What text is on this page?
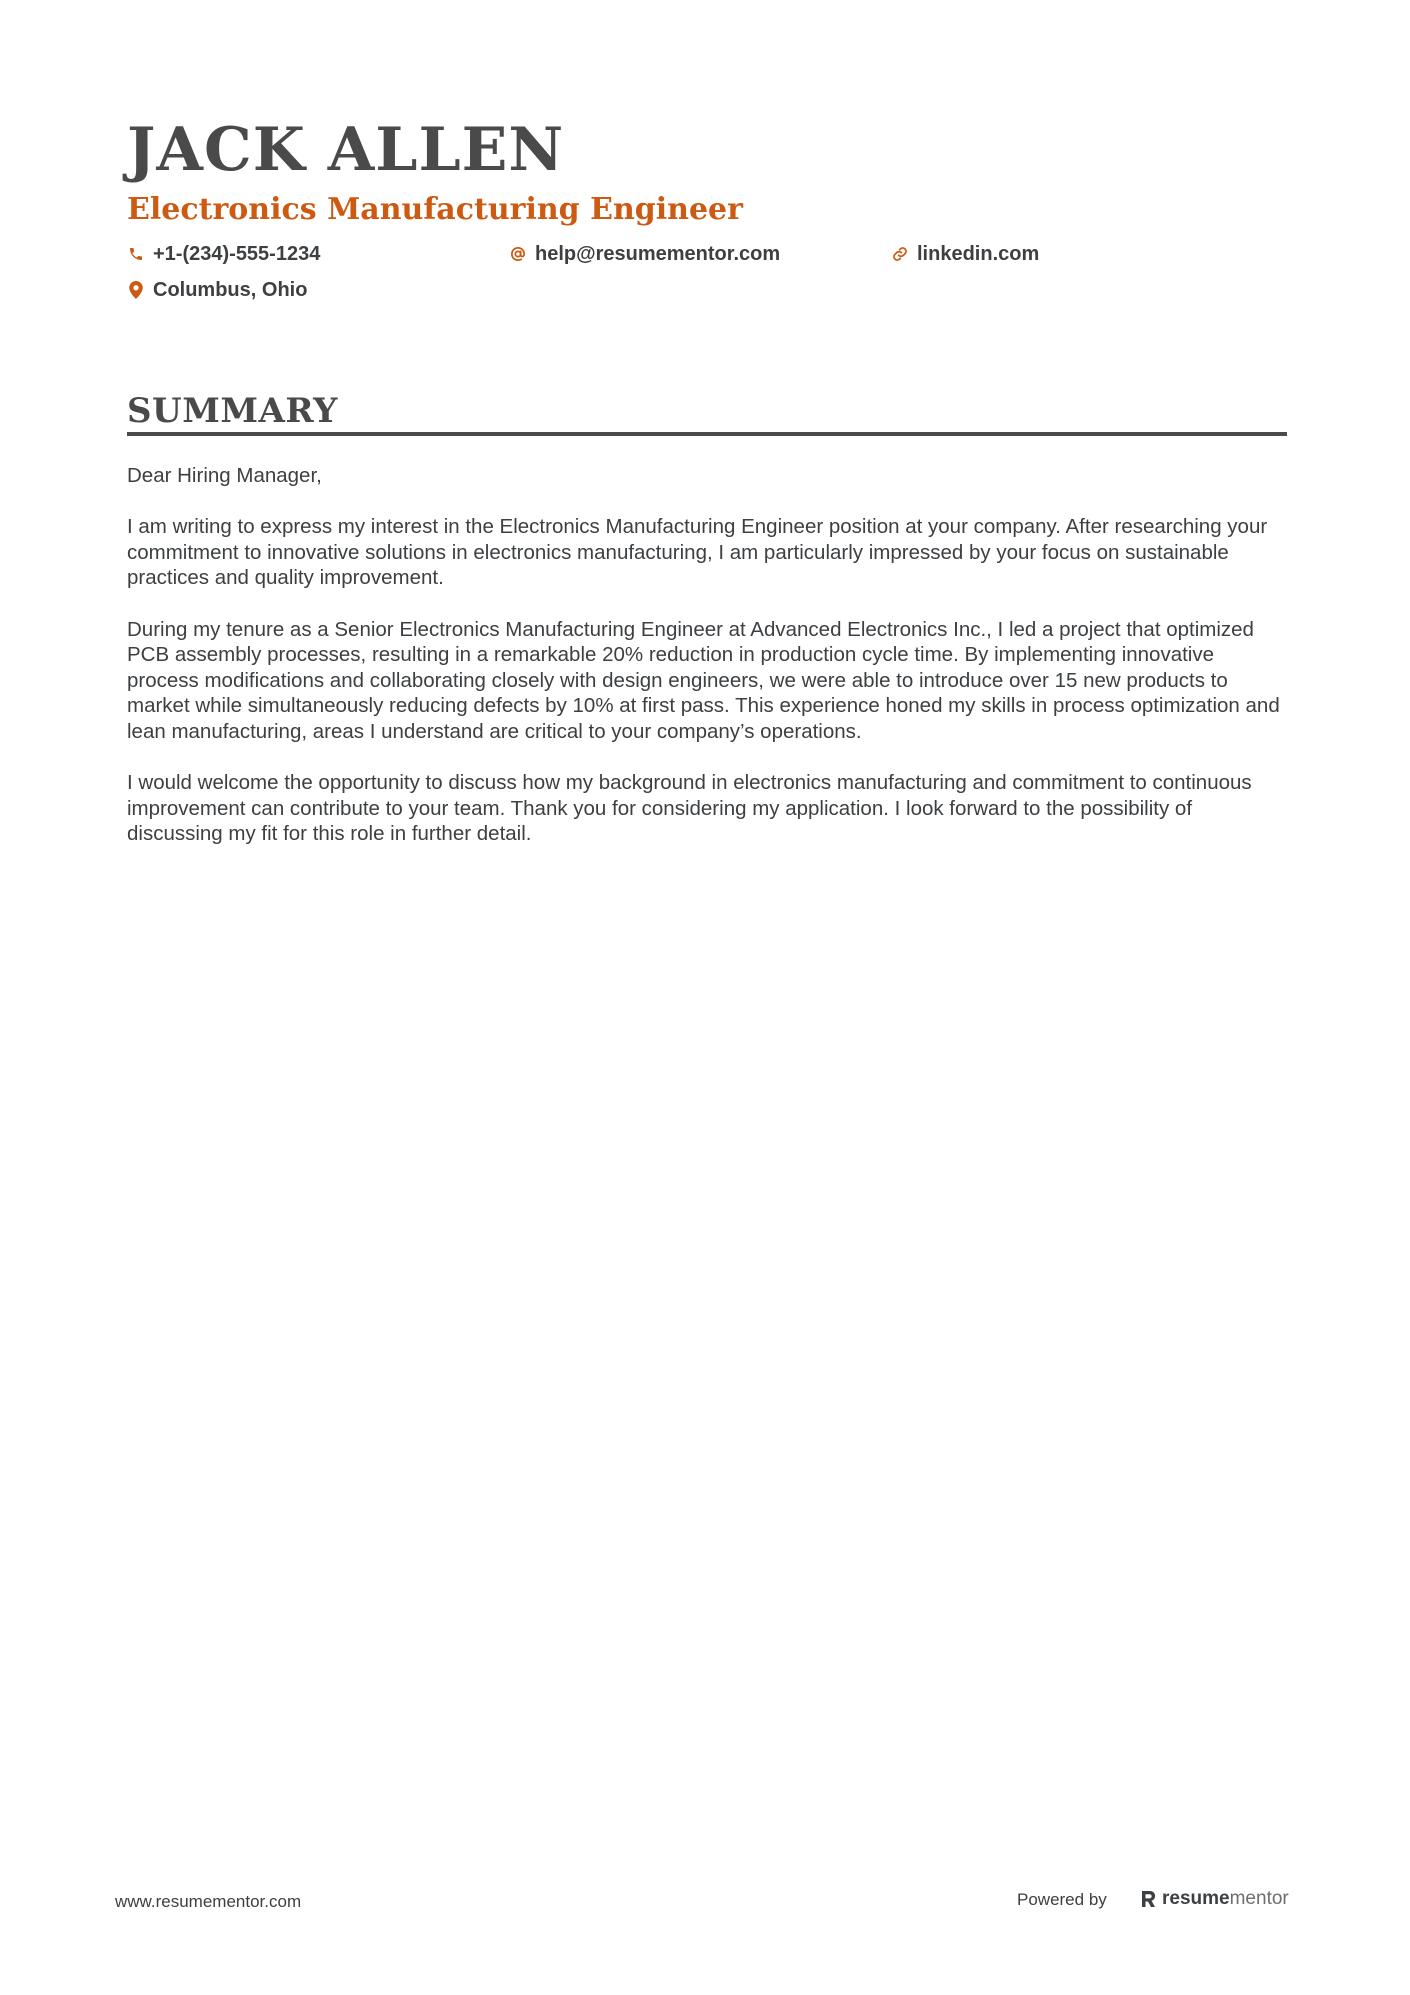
JACK ALLEN
Electronics Manufacturing Engineer
+1-(234)-555-1234	help@resumementor.com	linkedin.com
Columbus, Ohio
SUMMARY

Dear Hiring Manager,

I am writing to express my interest in the Electronics Manufacturing Engineer position at your company. After researching your commitment to innovative solutions in electronics manufacturing, I am particularly impressed by your focus on sustainable practices and quality improvement.

During my tenure as a Senior Electronics Manufacturing Engineer at Advanced Electronics Inc., I led a project that optimized PCB assembly processes, resulting in a remarkable 20% reduction in production cycle time. By implementing innovative process modifications and collaborating closely with design engineers, we were able to introduce over 15 new products to market while simultaneously reducing defects by 10% at first pass. This experience honed my skills in process optimization and lean manufacturing, areas I understand are critical to your company’s operations.

I would welcome the opportunity to discuss how my background in electronics manufacturing and commitment to continuous improvement can contribute to your team. Thank you for considering my application. I look forward to the possibility of discussing my fit for this role in further detail.

www.resumementor.com	Powered by	resume mentor
